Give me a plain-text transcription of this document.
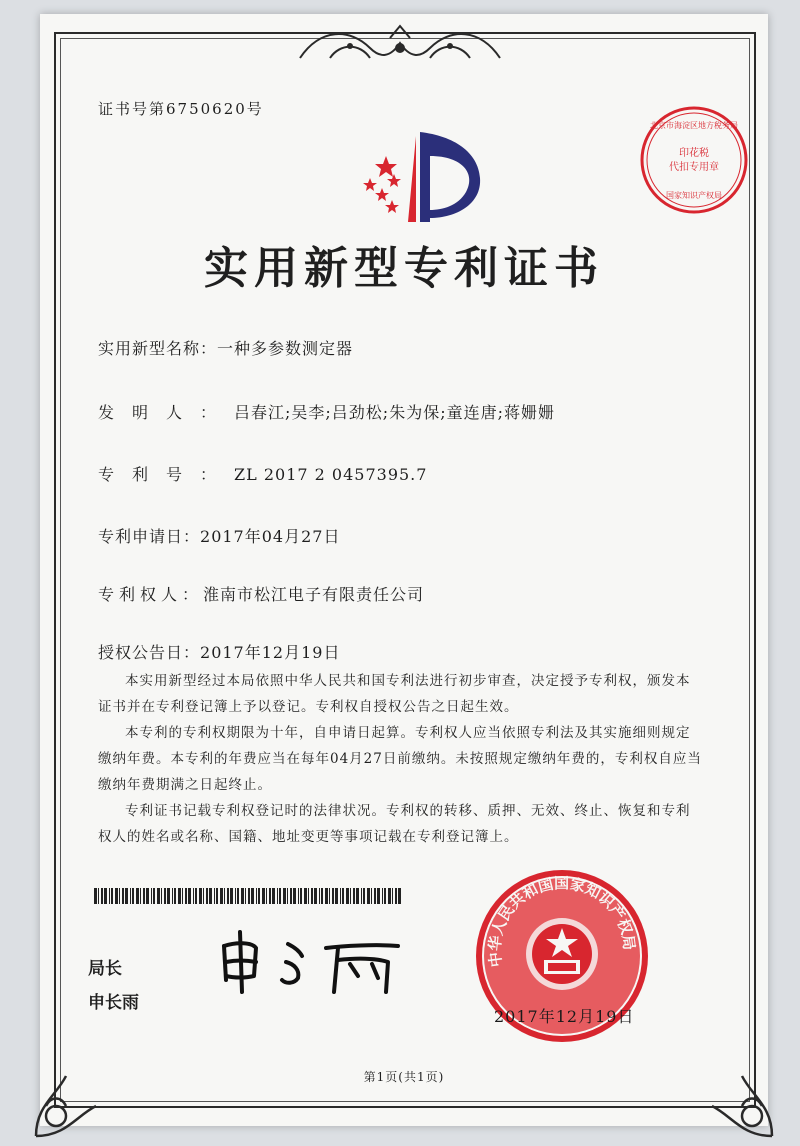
证书号第6750620号
印花税
代扣专用章
北京市海淀区地方税务局
国家知识产权局
实用新型专利证书
实用新型名称：一种多参数测定器
发明人：吕春江;吴李;吕劲松;朱为保;童连唐;蒋姗姗
专利号：ZL 2017 2 0457395.7
专利申请日：2017年04月27日
专利权人：淮南市松江电子有限责任公司
授权公告日：2017年12月19日

本实用新型经过本局依照中华人民共和国专利法进行初步审查，决定授予专利权，颁发本证书并在专利登记簿上予以登记。专利权自授权公告之日起生效。

本专利的专利权期限为十年，自申请日起算。专利权人应当依照专利法及其实施细则规定缴纳年费。本专利的年费应当在每年04月27日前缴纳。未按照规定缴纳年费的，专利权自应当缴纳年费期满之日起终止。

专利证书记载专利权登记时的法律状况。专利权的转移、质押、无效、终止、恢复和专利权人的姓名或名称、国籍、地址变更等事项记载在专利登记簿上。

局长
申长雨
中华人民共和国国家知识产权局
2017年12月19日
第1页(共1页)
